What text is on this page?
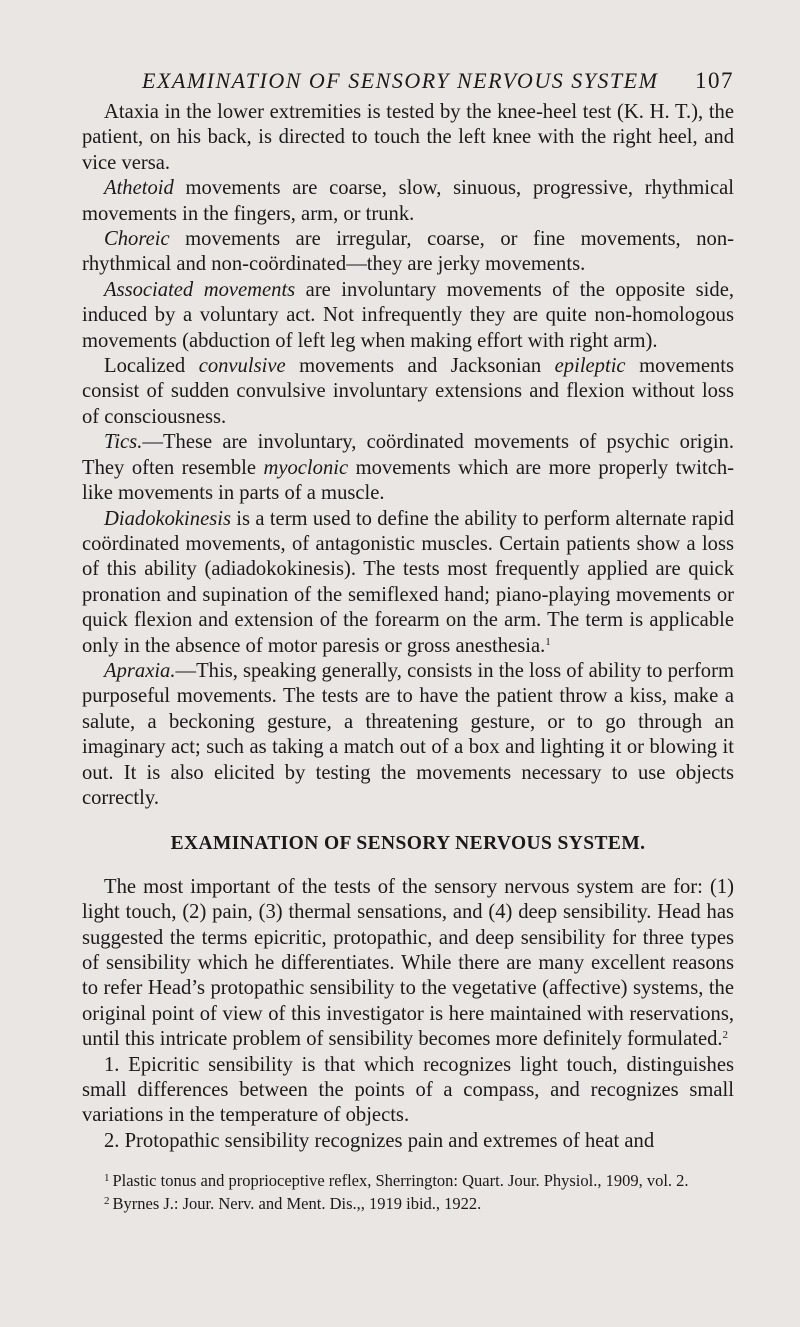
EXAMINATION OF SENSORY NERVOUS SYSTEM 107

Ataxia in the lower extremities is tested by the knee-heel test (K. H. T.), the patient, on his back, is directed to touch the left knee with the right heel, and vice versa.

Athetoid movements are coarse, slow, sinuous, progressive, rhythmical movements in the fingers, arm, or trunk.

Choreic movements are irregular, coarse, or fine movements, non-rhythmical and non-coördinated—they are jerky movements.

Associated movements are involuntary movements of the opposite side, induced by a voluntary act. Not infrequently they are quite non-homologous movements (abduction of left leg when making effort with right arm).

Localized convulsive movements and Jacksonian epileptic movements consist of sudden convulsive involuntary extensions and flexion without loss of consciousness.

Tics.—These are involuntary, coördinated movements of psychic origin. They often resemble myoclonic movements which are more properly twitch-like movements in parts of a muscle.

Diadokokinesis is a term used to define the ability to perform alternate rapid coördinated movements, of antagonistic muscles. Certain patients show a loss of this ability (adiadokokinesis). The tests most frequently applied are quick pronation and supination of the semiflexed hand; piano-playing movements or quick flexion and extension of the forearm on the arm. The term is applicable only in the absence of motor paresis or gross anesthesia.$^1$

Apraxia.—This, speaking generally, consists in the loss of ability to perform purposeful movements. The tests are to have the patient throw a kiss, make a salute, a beckoning gesture, a threatening gesture, or to go through an imaginary act; such as taking a match out of a box and lighting it or blowing it out. It is also elicited by testing the movements necessary to use objects correctly.

EXAMINATION OF SENSORY NERVOUS SYSTEM.

The most important of the tests of the sensory nervous system are for: (1) light touch, (2) pain, (3) thermal sensations, and (4) deep sensibility. Head has suggested the terms epicritic, protopathic, and deep sensibility for three types of sensibility which he differentiates. While there are many excellent reasons to refer Head’s protopathic sensibility to the vegetative (affective) systems, the original point of view of this investigator is here maintained with reservations, until this intricate problem of sensibility becomes more definitely formulated.$^2$

1. Epicritic sensibility is that which recognizes light touch, distinguishes small differences between the points of a compass, and recognizes small variations in the temperature of objects.

2. Protopathic sensibility recognizes pain and extremes of heat and

$^1$ Plastic tonus and proprioceptive reflex, Sherrington: Quart. Jour. Physiol., 1909, vol. 2.

$^2$ Byrnes J.: Jour. Nerv. and Ment. Dis.,, 1919 ibid., 1922.
